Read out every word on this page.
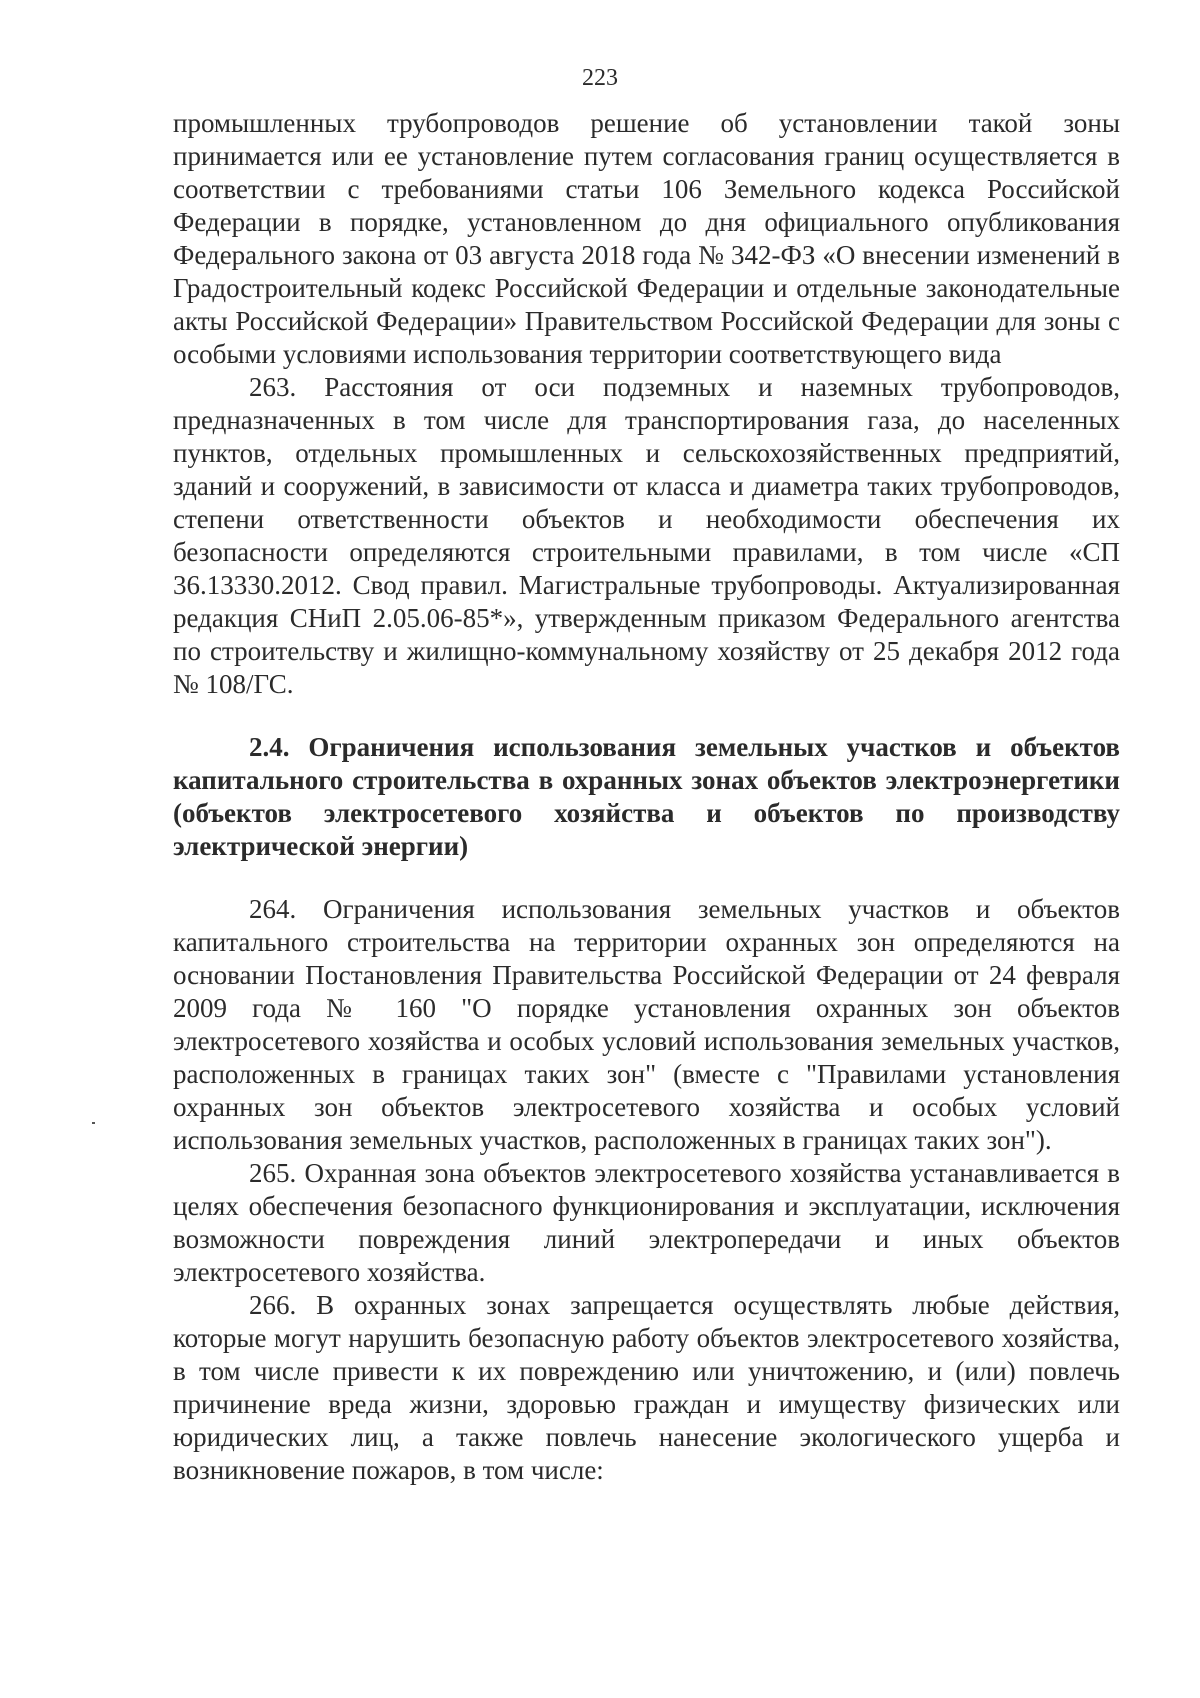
223

промышленных трубопроводов решение об установлении такой зоны принимается или ее установление путем согласования границ осуществляется в соответствии с требованиями статьи 106 Земельного кодекса Российской Федерации в порядке, установленном до дня официального опубликования Федерального закона от 03 августа 2018 года № 342-ФЗ «О внесении изменений в Градостроительный кодекс Российской Федерации и отдельные законодательные акты Российской Федерации» Правительством Российской Федерации для зоны с особыми условиями использования территории соответствующего вида

263. Расстояния от оси подземных и наземных трубопроводов, предназначенных в том числе для транспортирования газа, до населенных пунктов, отдельных промышленных и сельскохозяйственных предприятий, зданий и сооружений, в зависимости от класса и диаметра таких трубопроводов, степени ответственности объектов и необходимости обеспечения их безопасности определяются строительными правилами, в том числе «СП 36.13330.2012. Свод правил. Магистральные трубопроводы. Актуализированная редакция СНиП 2.05.06-85*», утвержденным приказом Федерального агентства по строительству и жилищно-коммунальному хозяйству от 25 декабря 2012 года № 108/ГС.

2.4. Ограничения использования земельных участков и объектов капитального строительства в охранных зонах объектов электроэнергетики (объектов электросетевого хозяйства и объектов по производству электрической энергии)

264. Ограничения использования земельных участков и объектов капитального строительства на территории охранных зон определяются на основании Постановления Правительства Российской Федерации от 24 февраля 2009 года № 160 "О порядке установления охранных зон объектов электросетевого хозяйства и особых условий использования земельных участков, расположенных в границах таких зон" (вместе с "Правилами установления охранных зон объектов электросетевого хозяйства и особых условий использования земельных участков, расположенных в границах таких зон").

265. Охранная зона объектов электросетевого хозяйства устанавливается в целях обеспечения безопасного функционирования и эксплуатации, исключения возможности повреждения линий электропередачи и иных объектов электросетевого хозяйства.

266. В охранных зонах запрещается осуществлять любые действия, которые могут нарушить безопасную работу объектов электросетевого хозяйства, в том числе привести к их повреждению или уничтожению, и (или) повлечь причинение вреда жизни, здоровью граждан и имуществу физических или юридических лиц, а также повлечь нанесение экологического ущерба и возникновение пожаров, в том числе:
